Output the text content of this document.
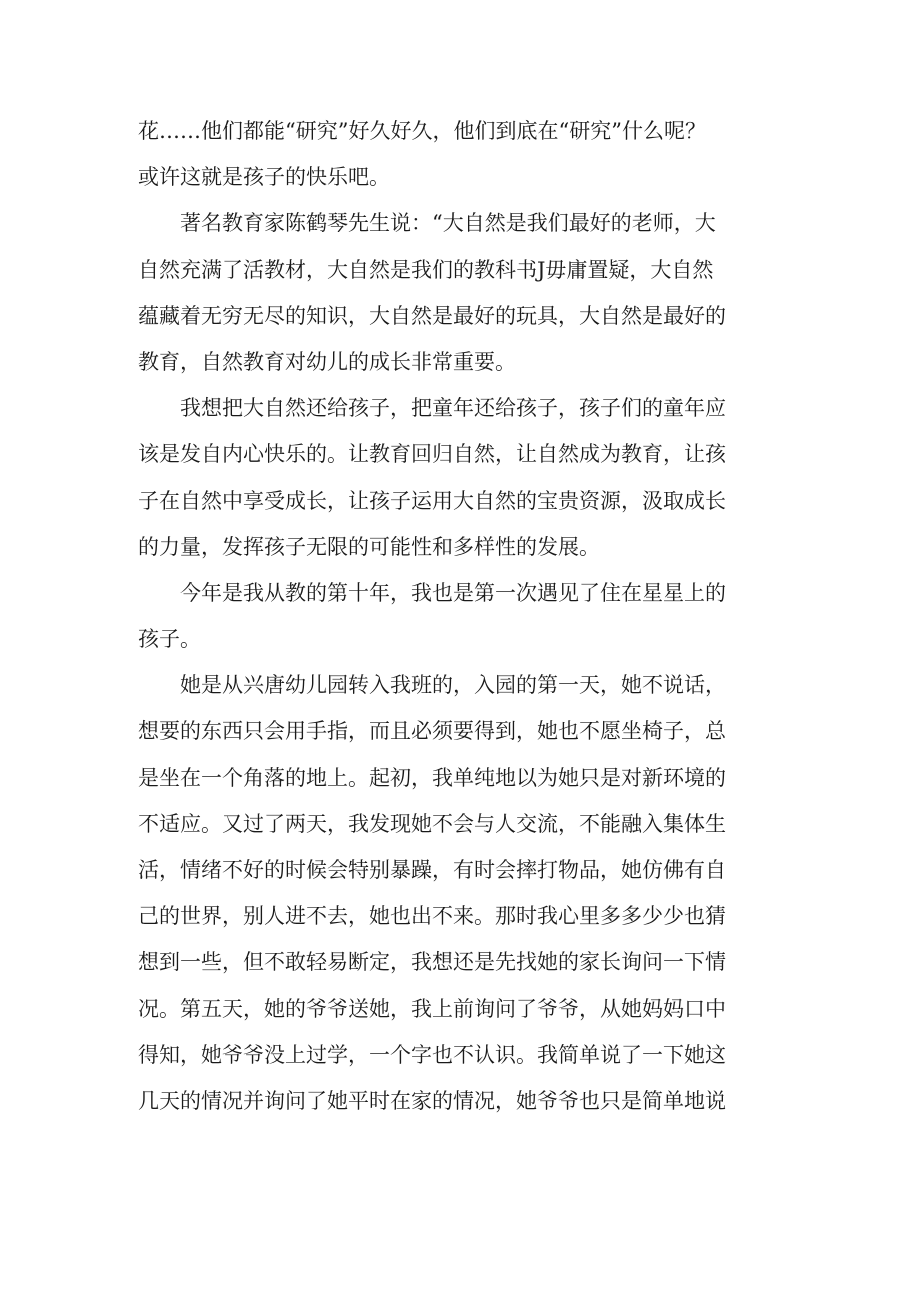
花……他们都能“研究”好久好久，他们到底在“研究”什么呢？
或许这就是孩子的快乐吧。
　　著名教育家陈鹤琴先生说：“大自然是我们最好的老师，大
自然充满了活教材，大自然是我们的教科书J毋庸置疑，大自然
蕴藏着无穷无尽的知识，大自然是最好的玩具，大自然是最好的
教育，自然教育对幼儿的成长非常重要。
　　我想把大自然还给孩子，把童年还给孩子，孩子们的童年应
该是发自内心快乐的。让教育回归自然，让自然成为教育，让孩
子在自然中享受成长，让孩子运用大自然的宝贵资源，汲取成长
的力量，发挥孩子无限的可能性和多样性的发展。
　　今年是我从教的第十年，我也是第一次遇见了住在星星上的
孩子。
　　她是从兴唐幼儿园转入我班的，入园的第一天，她不说话，
想要的东西只会用手指，而且必须要得到，她也不愿坐椅子，总
是坐在一个角落的地上。起初，我单纯地以为她只是对新环境的
不适应。又过了两天，我发现她不会与人交流，不能融入集体生
活，情绪不好的时候会特别暴躁，有时会摔打物品，她仿佛有自
己的世界，别人进不去，她也出不来。那时我心里多多少少也猜
想到一些，但不敢轻易断定，我想还是先找她的家长询问一下情
况。第五天，她的爷爷送她，我上前询问了爷爷，从她妈妈口中
得知，她爷爷没上过学，一个字也不认识。我简单说了一下她这
几天的情况并询问了她平时在家的情况，她爷爷也只是简单地说
